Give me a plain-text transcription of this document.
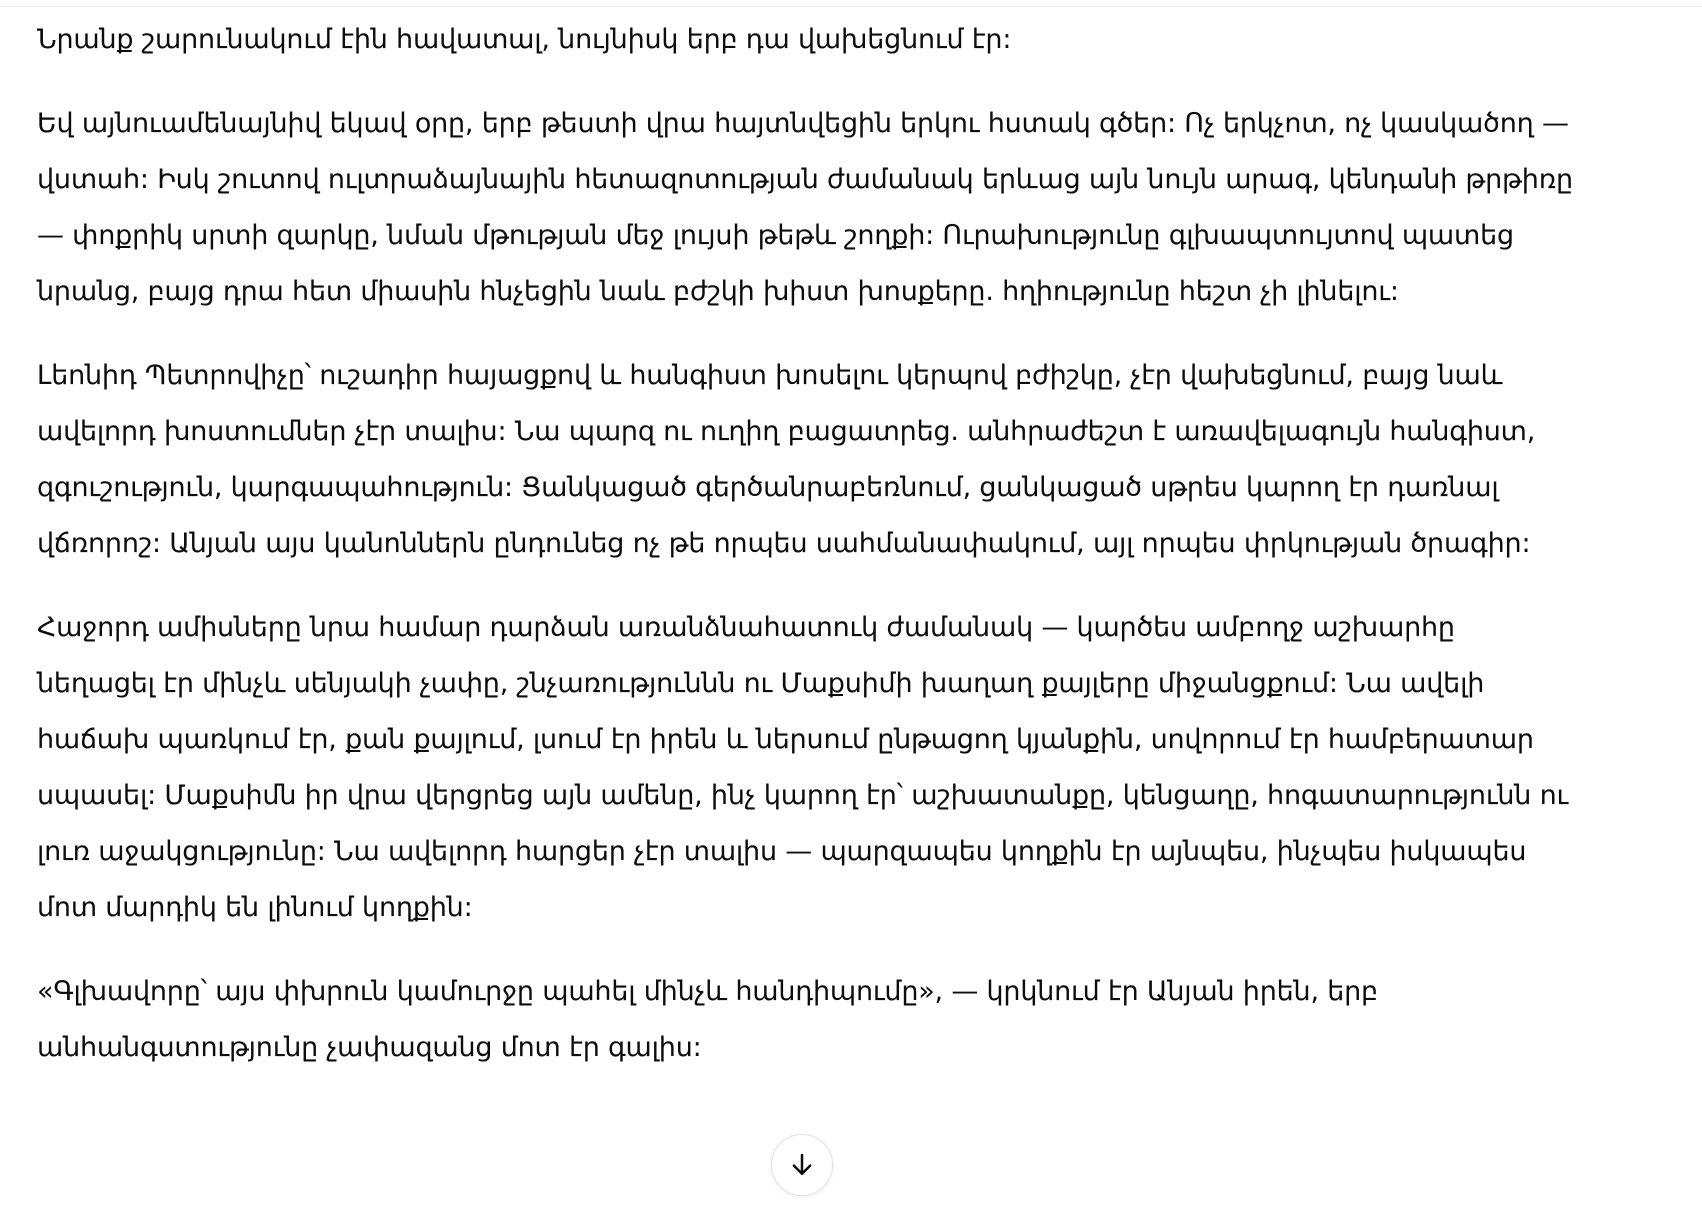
Նրանք շարունակում էին հավատալ, նույնիսկ երբ դա վախեցնում էր:

Եվ այնուամենայնիվ եկավ օրը, երբ թեստի վրա հայտնվեցին երկու հստակ գծեր: Ոչ երկչոտ, ոչ կասկածող — վստահ: Իսկ շուտով ուլտրաձայնային հետազոտության ժամանակ երևաց այն նույն արագ, կենդանի թրթիռը — փոքրիկ սրտի զարկը, նման մթության մեջ լույսի թեթև շողքի: Ուրախությունը գլխապտույտով պատեց նրանց, բայց դրա հետ միասին հնչեցին նաև բժշկի խիստ խոսքերը. հղիությունը հեշտ չի լինելու:

Լեոնիդ Պետրովիչը՝ ուշադիր հայացքով և հանգիստ խոսելու կերպով բժիշկը, չէր վախեցնում, բայց նաև ավելորդ խոստումներ չէր տալիս: Նա պարզ ու ուղիղ բացատրեց. անհրաժեշտ է առավելագույն հանգիստ, զգուշություն, կարգապահություն: Ցանկացած գերծանրաբեռնում, ցանկացած սթրես կարող էր դառնալ վճռորոշ: Անյան այս կանոններն ընդունեց ոչ թե որպես սահմանափակում, այլ որպես փրկության ծրագիր:

Հաջորդ ամիսները նրա համար դարձան առանձնահատուկ ժամանակ — կարծես ամբողջ աշխարհը նեղացել էր մինչև սենյակի չափը, շնչառություննն ու Մաքսիմի խաղաղ քայլերը միջանցքում: Նա ավելի հաճախ պառկում էր, քան քայլում, լսում էր իրեն և ներսում ընթացող կյանքին, սովորում էր համբերատար սպասել: Մաքսիմն իր վրա վերցրեց այն ամենը, ինչ կարող էր՝ աշխատանքը, կենցաղը, հոգատարությունն ու լուռ աջակցությունը: Նա ավելորդ հարցեր չէր տալիս — պարզապես կողքին էր այնպես, ինչպես իսկապես մոտ մարդիկ են լինում կողքին:

«Գլխավորը՝ այս փխրուն կամուրջը պահել մինչև հանդիպումը», — կրկնում էր Անյան իրեն, երբ անհանգստությունը չափազանց մոտ էր գալիս:
